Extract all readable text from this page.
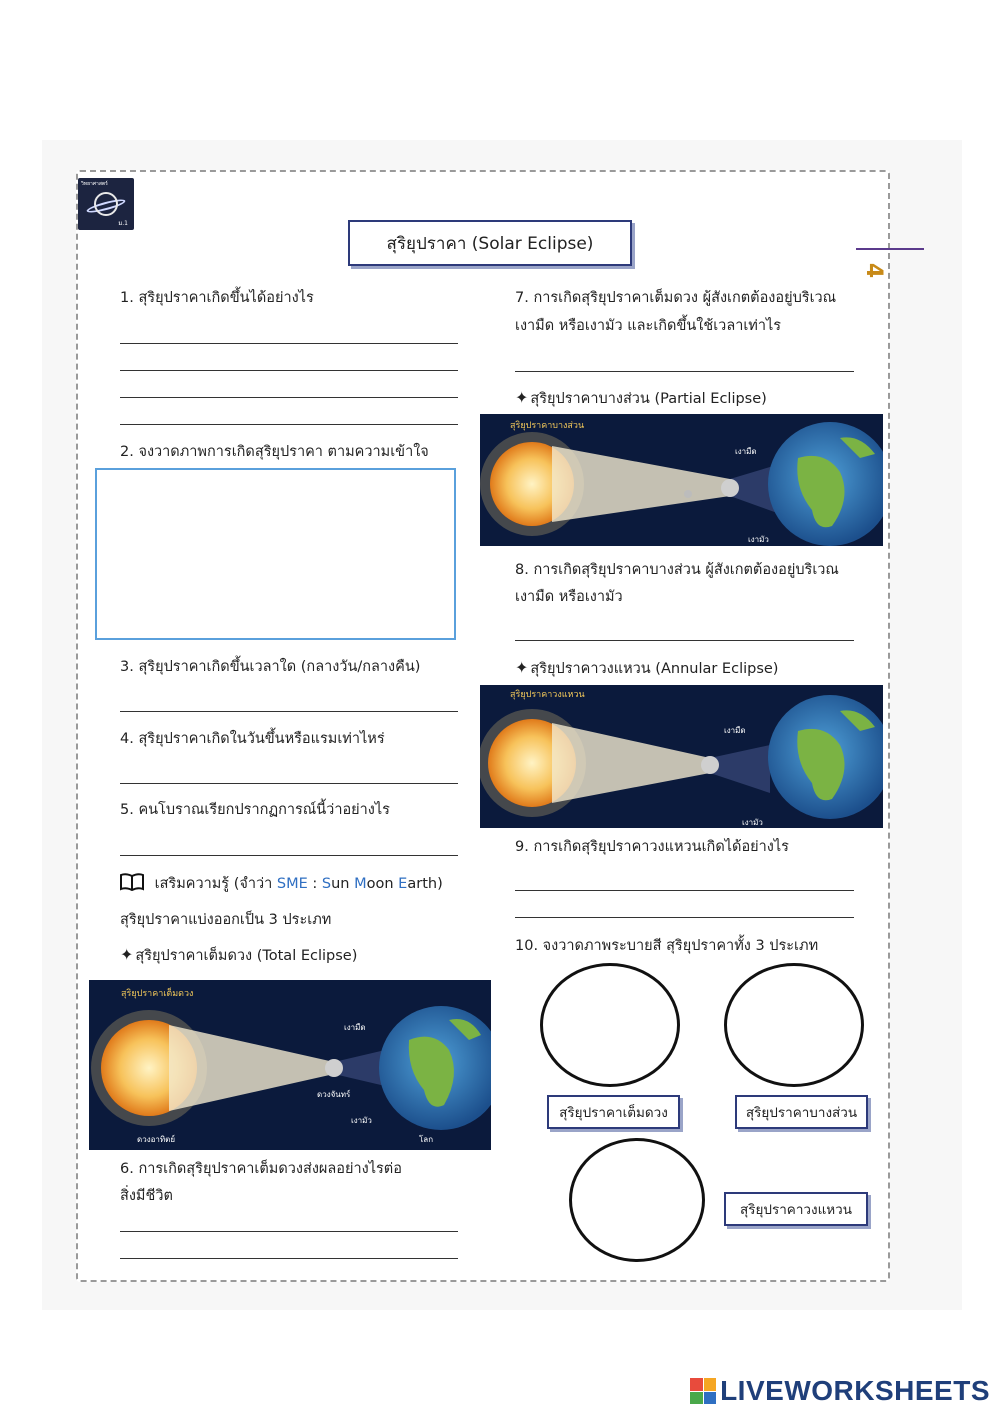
วิทยาศาสตร์
ม.1
สุริยุปราคา (Solar Eclipse)
4
1. สุริยุปราคาเกิดขึ้นได้อย่างไร
2. จงวาดภาพการเกิดสุริยุปราคา ตามความเข้าใจ
3. สุริยุปราคาเกิดขึ้นเวลาใด (กลางวัน/กลางคืน)
4. สุริยุปราคาเกิดในวันขึ้นหรือแรมเท่าไหร่
5. คนโบราณเรียกปรากฏการณ์นี้ว่าอย่างไร
เสริมความรู้ (จำว่า SME : Sun Moon Earth)
สุริยุปราคาแบ่งออกเป็น 3 ประเภท
✦ สุริยุปราคาเต็มดวง (Total Eclipse)
สุริยุปราคาเต็มดวง
เงามืด
ดวงจันทร์
เงามัว
ดวงอาทิตย์	โลก
6. การเกิดสุริยุปราคาเต็มดวงส่งผลอย่างไรต่อ
สิ่งมีชีวิต
7. การเกิดสุริยุปราคาเต็มดวง ผู้สังเกตต้องอยู่บริเวณ
เงามืด หรือเงามัว และเกิดขึ้นใช้เวลาเท่าไร
✦ สุริยุปราคาบางส่วน (Partial Eclipse)
สุริยุปราคาบางส่วน
เงามืด
เงามัว
8. การเกิดสุริยุปราคาบางส่วน ผู้สังเกตต้องอยู่บริเวณ
เงามืด หรือเงามัว
✦ สุริยุปราคาวงแหวน (Annular Eclipse)
สุริยุปราคาวงแหวน
เงามืด
เงามัว
9. การเกิดสุริยุปราคาวงแหวนเกิดได้อย่างไร
10. จงวาดภาพระบายสี สุริยุปราคาทั้ง 3 ประเภท
สุริยุปราคาเต็มดวง	สุริยุปราคาบางส่วน
สุริยุปราคาวงแหวน
LIVEWORKSHEETS
